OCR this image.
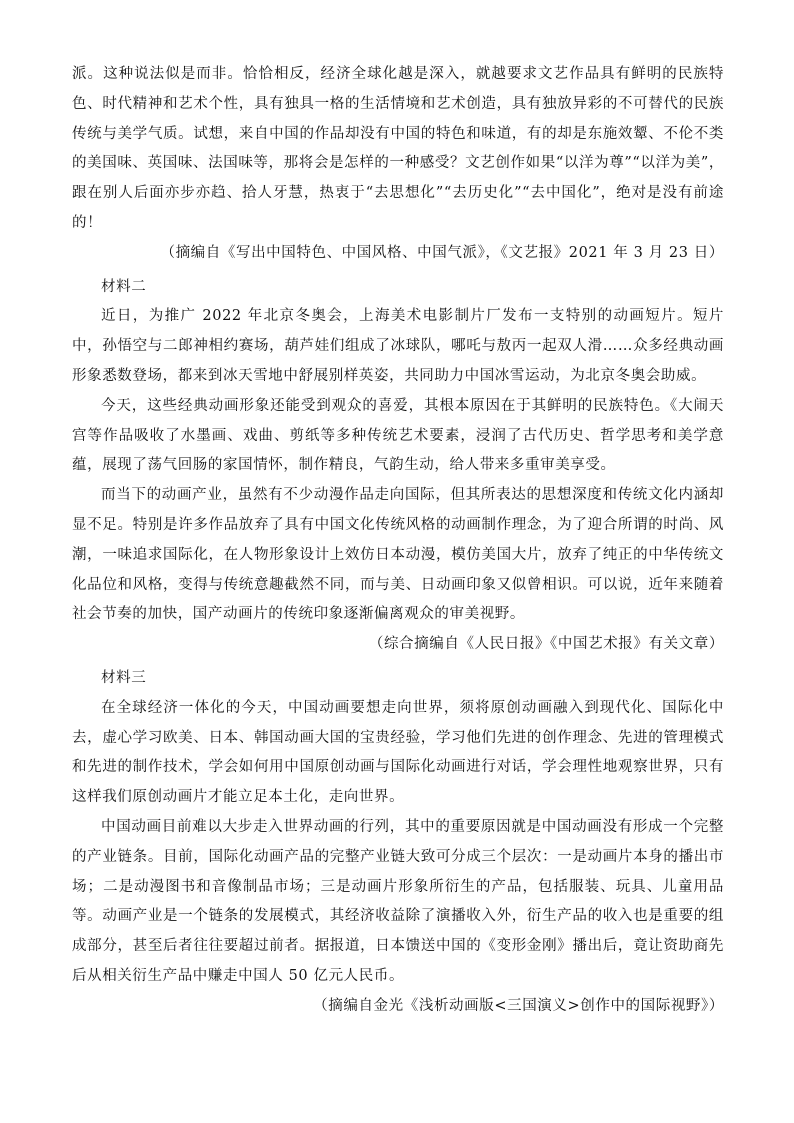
派。这种说法似是而非。恰恰相反，经济全球化越是深入，就越要求文艺作品具有鲜明的民族特色、时代精神和艺术个性，具有独具一格的生活情境和艺术创造，具有独放异彩的不可替代的民族传统与美学气质。试想，来自中国的作品却没有中国的特色和味道，有的却是东施效颦、不伦不类的美国味、英国味、法国味等，那将会是怎样的一种感受？文艺创作如果“以洋为尊”“以洋为美”，跟在别人后面亦步亦趋、拾人牙慧，热衷于“去思想化”“去历史化”“去中国化”，绝对是没有前途的！

（摘编自《写出中国特色、中国风格、中国气派》，《文艺报》2021 年 3 月 23 日）

材料二

近日，为推广 2022 年北京冬奥会，上海美术电影制片厂发布一支特别的动画短片。短片中，孙悟空与二郎神相约赛场，葫芦娃们组成了冰球队，哪吒与敖丙一起双人滑……众多经典动画形象悉数登场，都来到冰天雪地中舒展别样英姿，共同助力中国冰雪运动，为北京冬奥会助威。

今天，这些经典动画形象还能受到观众的喜爱，其根本原因在于其鲜明的民族特色。《大闹天宫等作品吸收了水墨画、戏曲、剪纸等多种传统艺术要素，浸润了古代历史、哲学思考和美学意蕴，展现了荡气回肠的家国情怀，制作精良，气韵生动，给人带来多重审美享受。

而当下的动画产业，虽然有不少动漫作品走向国际，但其所表达的思想深度和传统文化内涵却显不足。特别是许多作品放弃了具有中国文化传统风格的动画制作理念，为了迎合所谓的时尚、风潮，一味追求国际化，在人物形象设计上效仿日本动漫，模仿美国大片，放弃了纯正的中华传统文化品位和风格，变得与传统意趣截然不同，而与美、日动画印象又似曾相识。可以说，近年来随着社会节奏的加快，国产动画片的传统印象逐渐偏离观众的审美视野。

（综合摘编自《人民日报》《中国艺术报》有关文章）

材料三

在全球经济一体化的今天，中国动画要想走向世界，须将原创动画融入到现代化、国际化中去，虚心学习欧美、日本、韩国动画大国的宝贵经验，学习他们先进的创作理念、先进的管理模式和先进的制作技术，学会如何用中国原创动画与国际化动画进行对话，学会理性地观察世界，只有这样我们原创动画片才能立足本土化，走向世界。

中国动画目前难以大步走入世界动画的行列，其中的重要原因就是中国动画没有形成一个完整的产业链条。目前，国际化动画产品的完整产业链大致可分成三个层次：一是动画片本身的播出市场；二是动漫图书和音像制品市场；三是动画片形象所衍生的产品，包括服装、玩具、儿童用品等。动画产业是一个链条的发展模式，其经济收益除了演播收入外，衍生产品的收入也是重要的组成部分，甚至后者往往要超过前者。据报道，日本馈送中国的《变形金刚》播出后，竟让资助商先后从相关衍生产品中赚走中国人 50 亿元人民币。

（摘编自金光《浅析动画版<三国演义>创作中的国际视野》）
